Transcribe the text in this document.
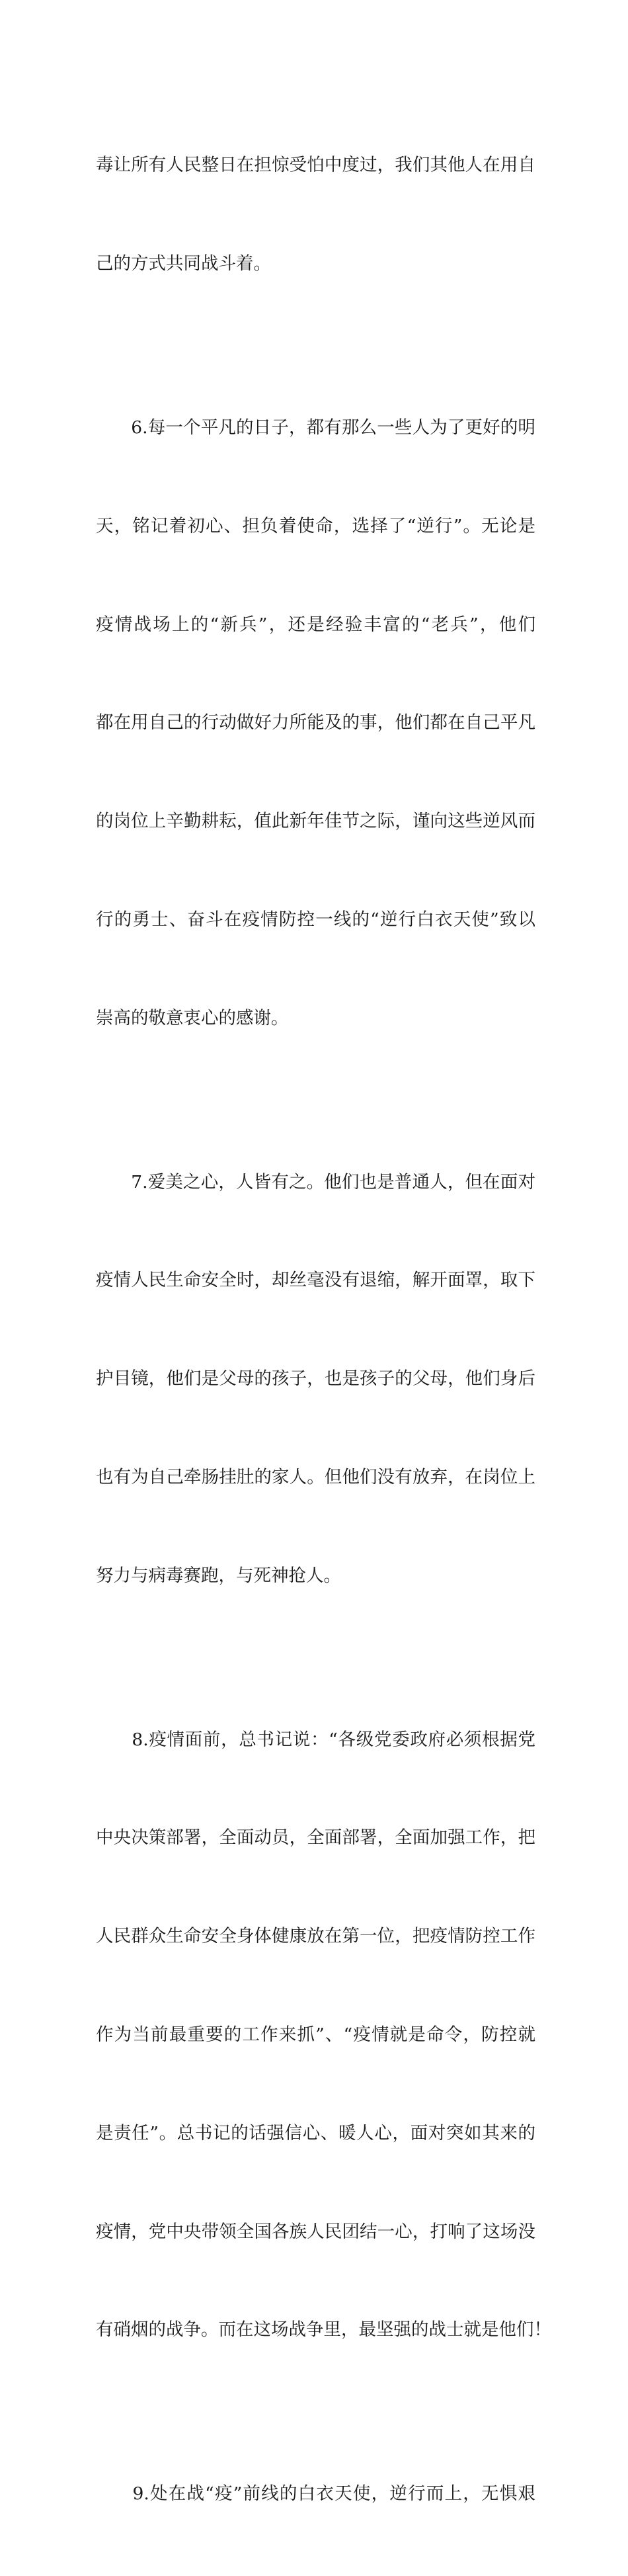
毒让所有人民整日在担惊受怕中度过，我们其他人在用自

己的方式共同战斗着。

　　6.每一个平凡的日子，都有那么一些人为了更好的明

天，铭记着初心、担负着使命，选择了“逆行”。无论是

疫情战场上的“新兵”，还是经验丰富的“老兵”，他们

都在用自己的行动做好力所能及的事，他们都在自己平凡

的岗位上辛勤耕耘，值此新年佳节之际，谨向这些逆风而

行的勇士、奋斗在疫情防控一线的“逆行白衣天使”致以

崇高的敬意衷心的感谢。

　　7.爱美之心，人皆有之。他们也是普通人，但在面对

疫情人民生命安全时，却丝毫没有退缩，解开面罩，取下

护目镜，他们是父母的孩子，也是孩子的父母，他们身后

也有为自己牵肠挂肚的家人。但他们没有放弃，在岗位上

努力与病毒赛跑，与死神抢人。

　　8.疫情面前，总书记说：“各级党委政府必须根据党

中央决策部署，全面动员，全面部署，全面加强工作，把

人民群众生命安全身体健康放在第一位，把疫情防控工作

作为当前最重要的工作来抓”、“疫情就是命令，防控就

是责任”。总书记的话强信心、暖人心，面对突如其来的

疫情，党中央带领全国各族人民团结一心，打响了这场没

有硝烟的战争。而在这场战争里，最坚强的战士就是他们！

　　9.处在战“疫”前线的白衣天使，逆行而上，无惧艰
